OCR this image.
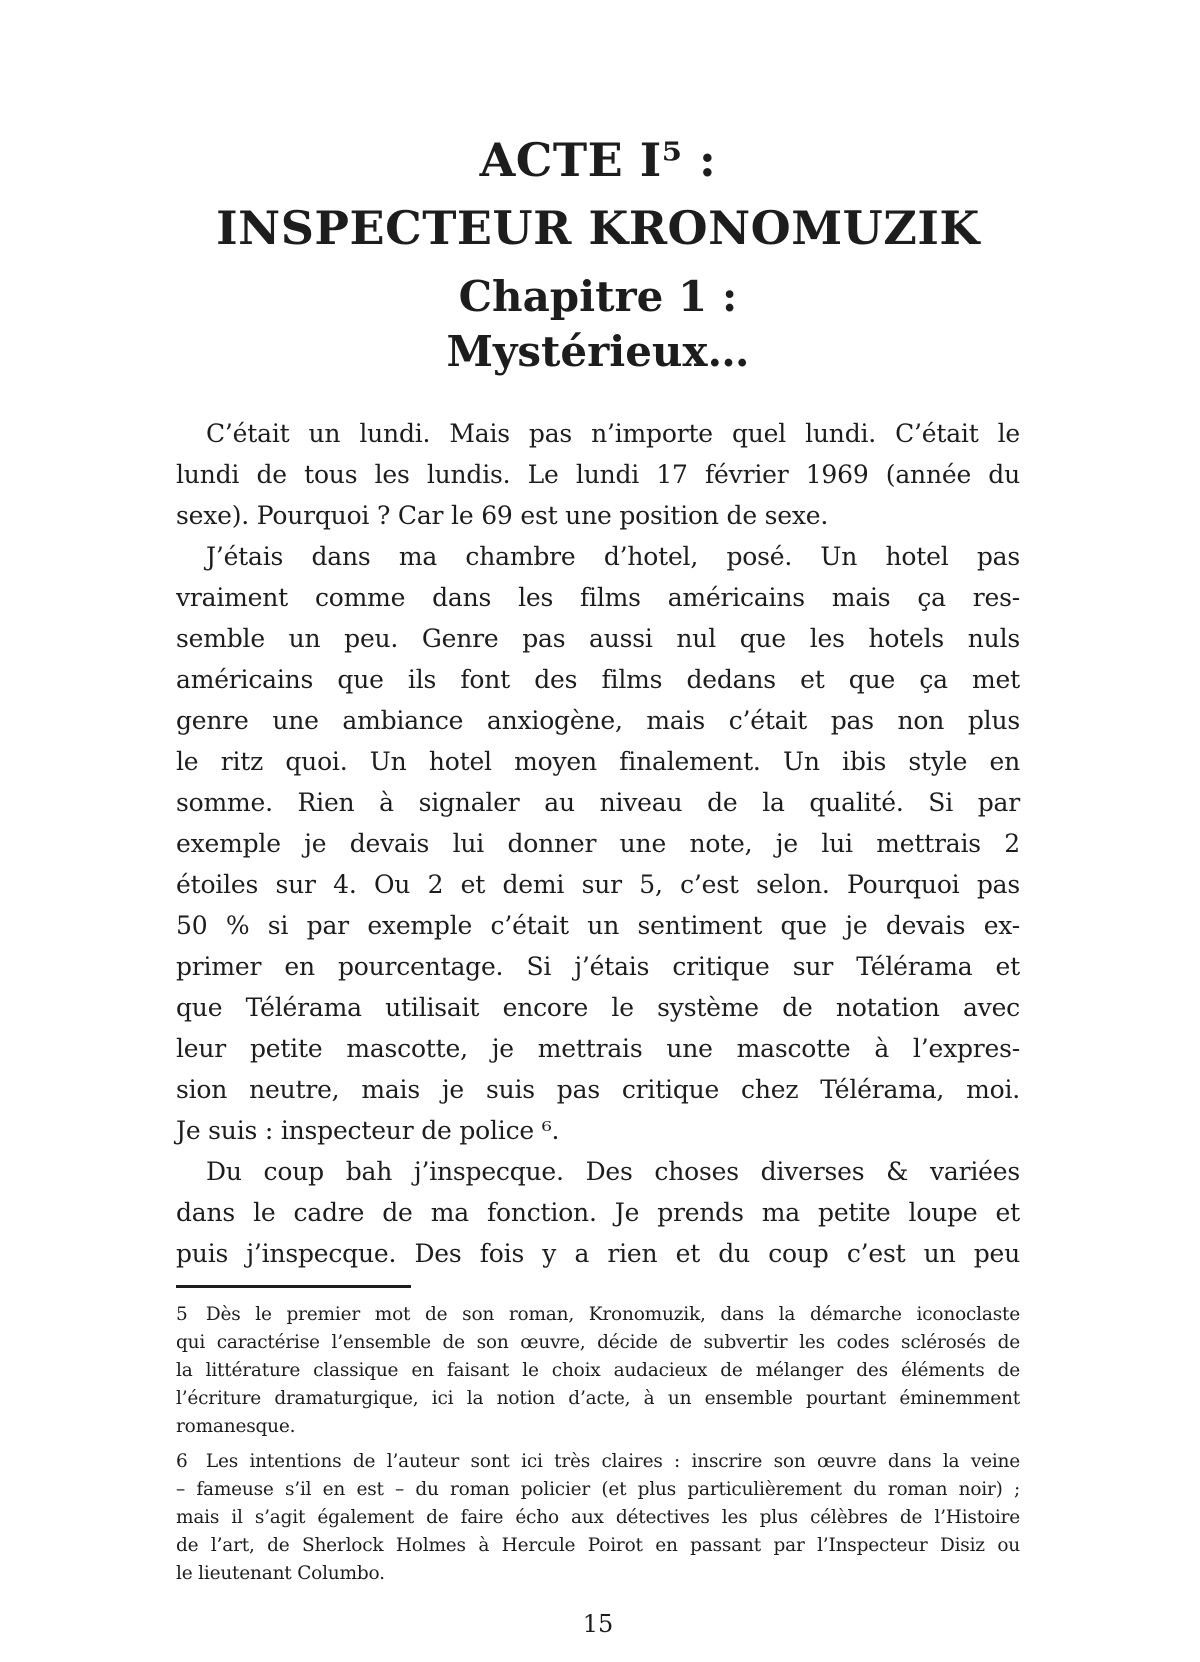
ACTE I⁵ :
INSPECTEUR KRONOMUZIK
Chapitre 1 :
Mystérieux…
C’était un lundi. Mais pas n’importe quel lundi. C’était le
lundi de tous les lundis. Le lundi 17 février 1969 (année du
sexe). Pourquoi ? Car le 69 est une position de sexe.
J’étais dans ma chambre d’hotel, posé. Un hotel pas
vraiment comme dans les films américains mais ça res-
semble un peu. Genre pas aussi nul que les hotels nuls
américains que ils font des films dedans et que ça met
genre une ambiance anxiogène, mais c’était pas non plus
le ritz quoi. Un hotel moyen finalement. Un ibis style en
somme. Rien à signaler au niveau de la qualité. Si par
exemple je devais lui donner une note, je lui mettrais 2
étoiles sur 4. Ou 2 et demi sur 5, c’est selon. Pourquoi pas
50 % si par exemple c’était un sentiment que je devais ex-
primer en pourcentage. Si j’étais critique sur Télérama et
que Télérama utilisait encore le système de notation avec
leur petite mascotte, je mettrais une mascotte à l’expres-
sion neutre, mais je suis pas critique chez Télérama, moi.
Je suis : inspecteur de police ⁶.
Du coup bah j’inspecque. Des choses diverses & variées
dans le cadre de ma fonction. Je prends ma petite loupe et
puis j’inspecque. Des fois y a rien et du coup c’est un peu
5 Dès le premier mot de son roman, Kronomuzik, dans la démarche iconoclaste
qui caractérise l’ensemble de son œuvre, décide de subvertir les codes sclérosés de
la littérature classique en faisant le choix audacieux de mélanger des éléments de
l’écriture dramaturgique, ici la notion d’acte, à un ensemble pourtant éminemment
romanesque.
6 Les intentions de l’auteur sont ici très claires : inscrire son œuvre dans la veine
– fameuse s’il en est – du roman policier (et plus particulièrement du roman noir) ;
mais il s’agit également de faire écho aux détectives les plus célèbres de l’Histoire
de l’art, de Sherlock Holmes à Hercule Poirot en passant par l’Inspecteur Disiz ou
le lieutenant Columbo.
15
